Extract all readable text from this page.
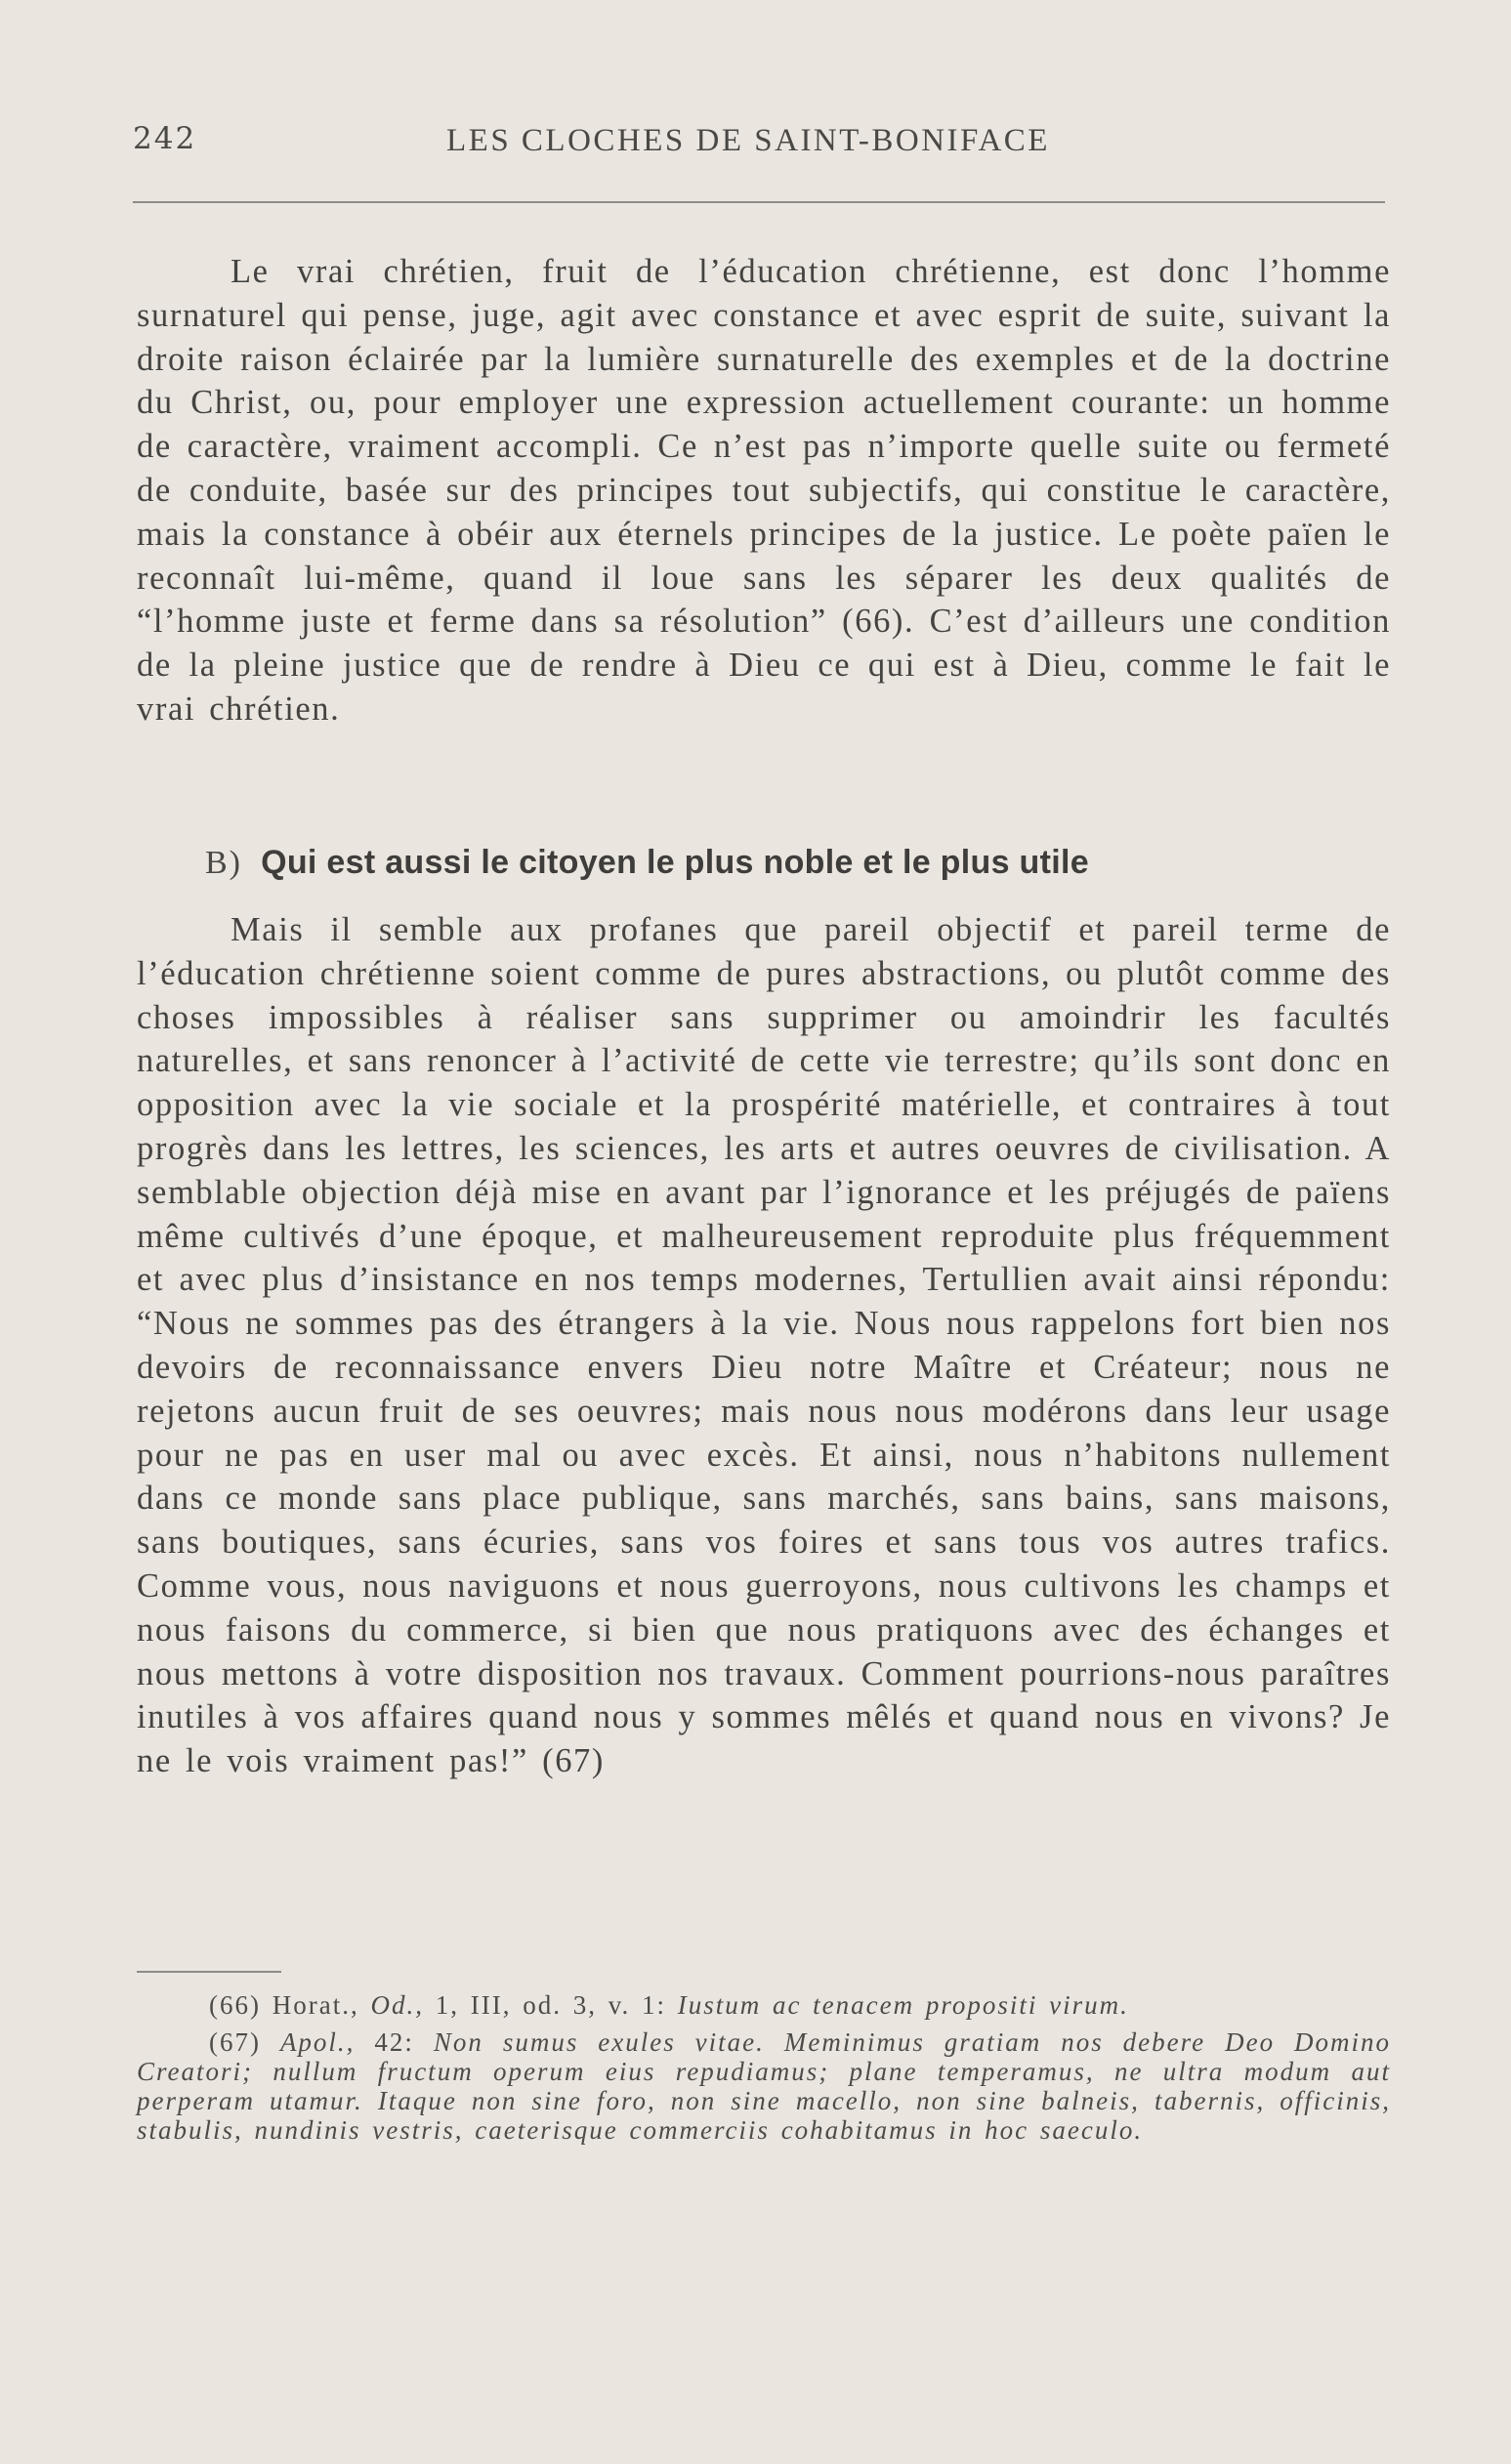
242	LES CLOCHES DE SAINT-BONIFACE

Le vrai chrétien, fruit de l’éducation chrétienne, est donc l’homme surnaturel qui pense, juge, agit avec constance et avec esprit de suite, suivant la droite raison éclairée par la lumière surnaturelle des exemples et de la doctrine du Christ, ou, pour employer une expression actuellement courante: un homme de caractère, vraiment accompli. Ce n’est pas n’importe quelle suite ou fermeté de conduite, basée sur des principes tout subjectifs, qui constitue le caractère, mais la constance à obéir aux éternels principes de la justice. Le poète païen le reconnaît lui-même, quand il loue sans les séparer les deux qualités de “l’homme juste et ferme dans sa résolution” (66). C’est d’ailleurs une condition de la pleine justice que de rendre à Dieu ce qui est à Dieu, comme le fait le vrai chrétien.

B) Qui est aussi le citoyen le plus noble et le plus utile

Mais il semble aux profanes que pareil objectif et pareil terme de l’éducation chrétienne soient comme de pures abstractions, ou plutôt comme des choses impossibles à réaliser sans supprimer ou amoindrir les facultés naturelles, et sans renoncer à l’activité de cette vie terrestre; qu’ils sont donc en opposition avec la vie sociale et la prospérité matérielle, et contraires à tout progrès dans les lettres, les sciences, les arts et autres oeuvres de civilisation. A semblable objection déjà mise en avant par l’ignorance et les préjugés de païens même cultivés d’une époque, et malheureusement reproduite plus fréquemment et avec plus d’insistance en nos temps modernes, Tertullien avait ainsi répondu: “Nous ne sommes pas des étrangers à la vie. Nous nous rappelons fort bien nos devoirs de reconnaissance envers Dieu notre Maître et Créateur; nous ne rejetons aucun fruit de ses oeuvres; mais nous nous modérons dans leur usage pour ne pas en user mal ou avec excès. Et ainsi, nous n’habitons nullement dans ce monde sans place publique, sans marchés, sans bains, sans maisons, sans boutiques, sans écuries, sans vos foires et sans tous vos autres trafics. Comme vous, nous naviguons et nous guerroyons, nous cultivons les champs et nous faisons du commerce, si bien que nous pratiquons avec des échanges et nous mettons à votre disposition nos travaux. Comment pourrions-nous paraîtres inutiles à vos affaires quand nous y sommes mêlés et quand nous en vivons? Je ne le vois vraiment pas!” (67)

(66) Horat., Od., 1, III, od. 3, v. 1: Iustum ac tenacem propositi virum.

(67) Apol., 42: Non sumus exules vitae. Meminimus gratiam nos debere Deo Domino Creatori; nullum fructum operum eius repudiamus; plane temperamus, ne ultra modum aut perperam utamur. Itaque non sine foro, non sine macello, non sine balneis, tabernis, officinis, stabulis, nundinis vestris, caeterisque commerciis cohabitamus in hoc saeculo.
